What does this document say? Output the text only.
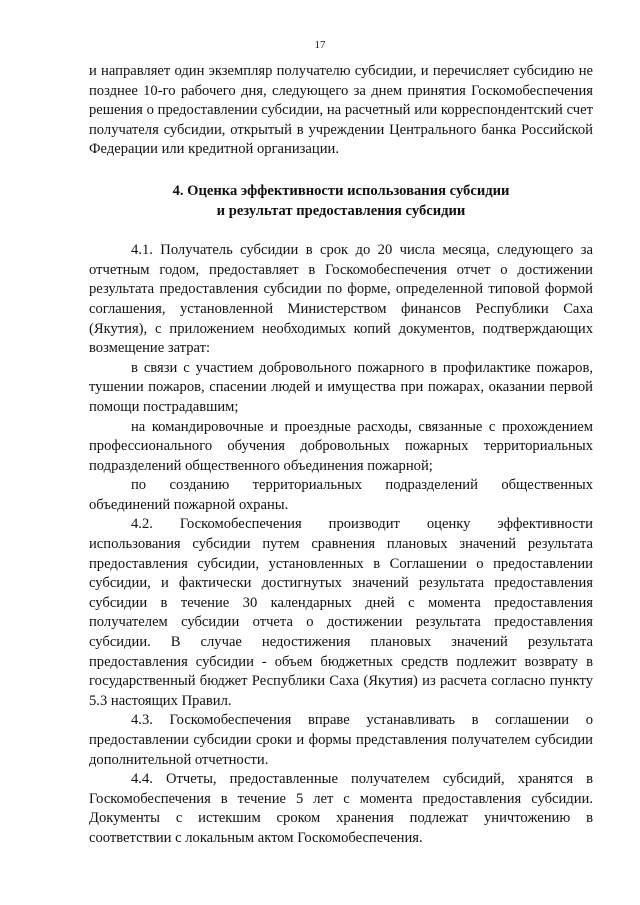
17

и направляет один экземпляр получателю субсидии, и перечисляет субсидию не позднее 10-го рабочего дня, следующего за днем принятия Госкомобеспечения решения о предоставлении субсидии, на расчетный или корреспондентский счет получателя субсидии, открытый в учреждении Центрального банка Российской Федерации или кредитной организации.

4. Оценка эффективности использования субсидии
и результат предоставления субсидии

4.1. Получатель субсидии в срок до 20 числа месяца, следующего за отчетным годом, предоставляет в Госкомобеспечения отчет о достижении результата предоставления субсидии по форме, определенной типовой формой соглашения, установленной Министерством финансов Республики Саха (Якутия), с приложением необходимых копий документов, подтверждающих возмещение затрат:

в связи с участием добровольного пожарного в профилактике пожаров, тушении пожаров, спасении людей и имущества при пожарах, оказании первой помощи пострадавшим;

на командировочные и проездные расходы, связанные с прохождением профессионального обучения добровольных пожарных территориальных подразделений общественного объединения пожарной;

по созданию территориальных подразделений общественных объединений пожарной охраны.

4.2. Госкомобеспечения производит оценку эффективности использования субсидии путем сравнения плановых значений результата предоставления субсидии, установленных в Соглашении о предоставлении субсидии, и фактически достигнутых значений результата предоставления субсидии в течение 30 календарных дней с момента предоставления получателем субсидии отчета о достижении результата предоставления субсидии. В случае недостижения плановых значений результата предоставления субсидии - объем бюджетных средств подлежит возврату в государственный бюджет Республики Саха (Якутия) из расчета согласно пункту 5.3 настоящих Правил.

4.3. Госкомобеспечения вправе устанавливать в соглашении о предоставлении субсидии сроки и формы представления получателем субсидии дополнительной отчетности.

4.4. Отчеты, предоставленные получателем субсидий, хранятся в Госкомобеспечения в течение 5 лет с момента предоставления субсидии. Документы с истекшим сроком хранения подлежат уничтожению в соответствии с локальным актом Госкомобеспечения.
